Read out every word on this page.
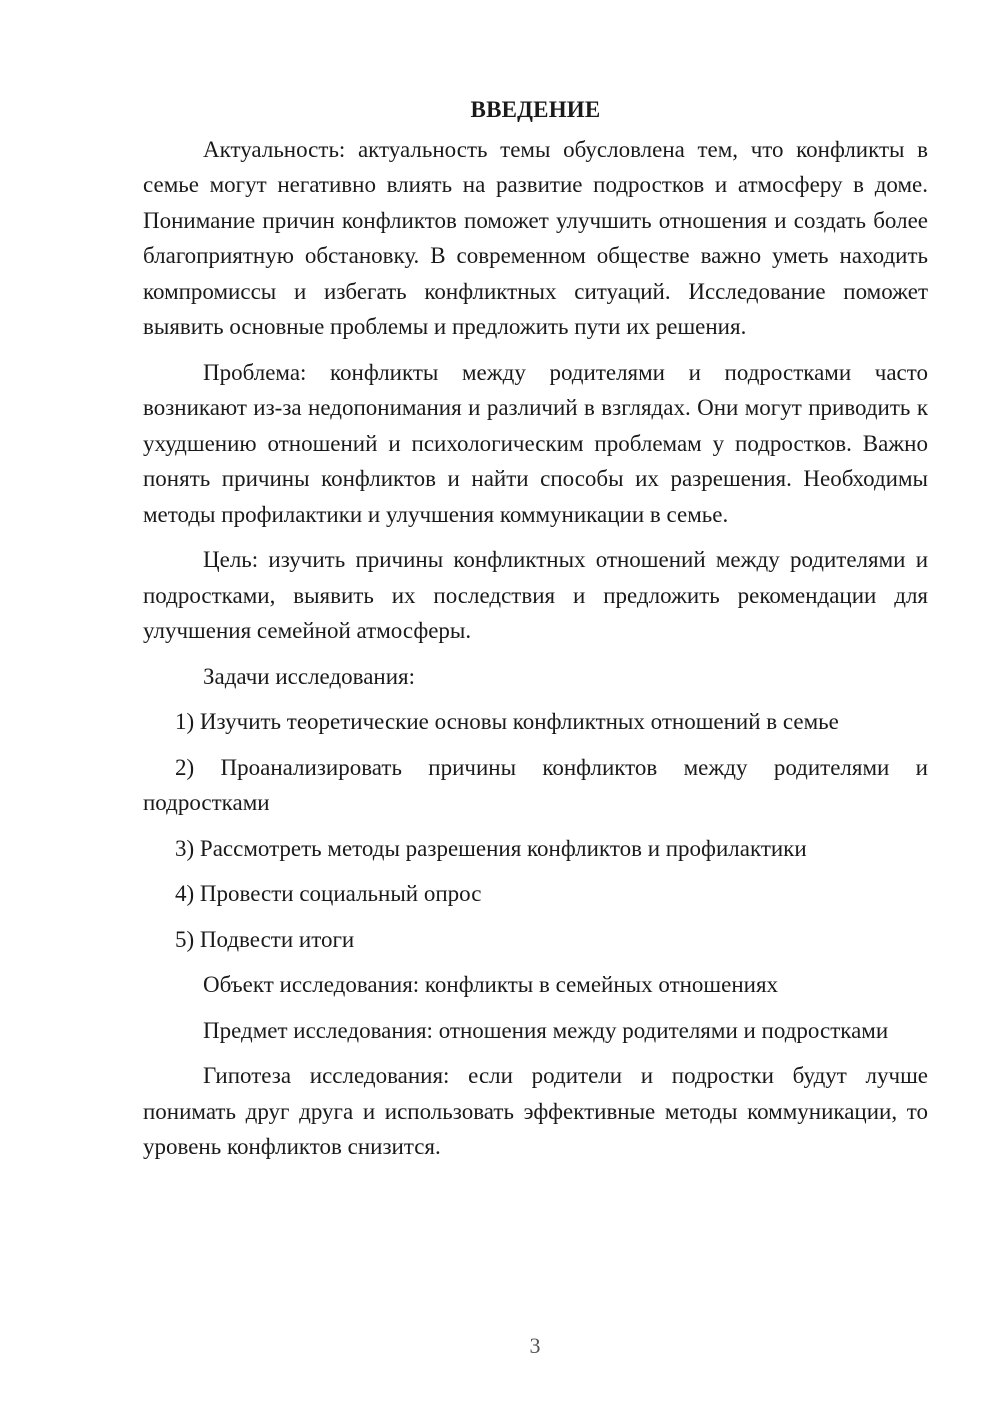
ВВЕДЕНИЕ

Актуальность: актуальность темы обусловлена тем, что конфликты в семье могут негативно влиять на развитие подростков и атмосферу в доме. Понимание причин конфликтов поможет улучшить отношения и создать более благоприятную обстановку. В современном обществе важно уметь находить компромиссы и избегать конфликтных ситуаций. Исследование поможет выявить основные проблемы и предложить пути их решения.

Проблема: конфликты между родителями и подростками часто возникают из-за недопонимания и различий в взглядах. Они могут приводить к ухудшению отношений и психологическим проблемам у подростков. Важно понять причины конфликтов и найти способы их разрешения. Необходимы методы профилактики и улучшения коммуникации в семье.

Цель: изучить причины конфликтных отношений между родителями и подростками, выявить их последствия и предложить рекомендации для улучшения семейной атмосферы.

Задачи исследования:

1) Изучить теоретические основы конфликтных отношений в семье

2) Проанализировать причины конфликтов между родителями и подростками

3) Рассмотреть методы разрешения конфликтов и профилактики

4) Провести социальный опрос

5) Подвести итоги

Объект исследования: конфликты в семейных отношениях

Предмет исследования: отношения между родителями и подростками

Гипотеза исследования: если родители и подростки будут лучше понимать друг друга и использовать эффективные методы коммуникации, то уровень конфликтов снизится.

3
